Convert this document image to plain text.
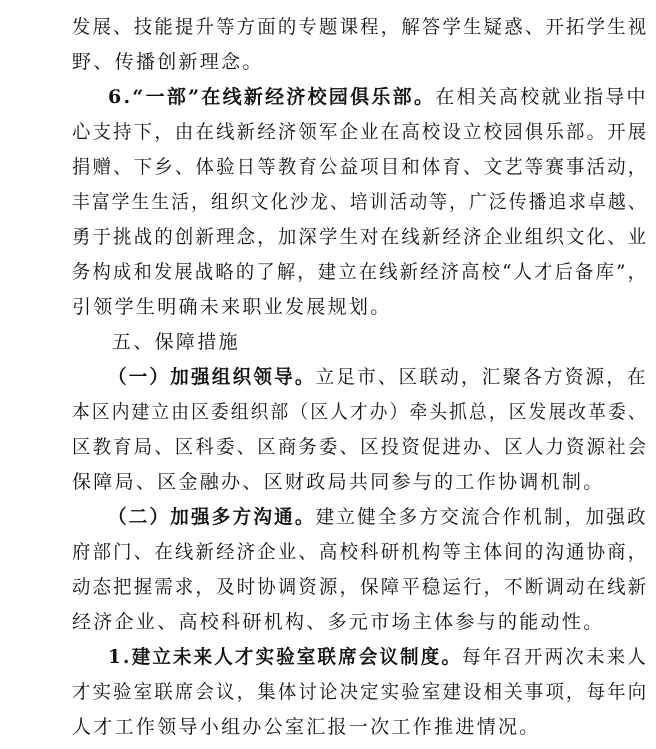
发展、技能提升等方面的专题课程，解答学生疑惑、开拓学生视
野、传播创新理念。
6.“一部”在线新经济校园俱乐部。在相关高校就业指导中
心支持下，由在线新经济领军企业在高校设立校园俱乐部。开展
捐赠、下乡、体验日等教育公益项目和体育、文艺等赛事活动，
丰富学生生活，组织文化沙龙、培训活动等，广泛传播追求卓越、
勇于挑战的创新理念，加深学生对在线新经济企业组织文化、业
务构成和发展战略的了解，建立在线新经济高校“人才后备库”，
引领学生明确未来职业发展规划。
五、保障措施
（一）加强组织领导。立足市、区联动，汇聚各方资源，在
本区内建立由区委组织部（区人才办）牵头抓总，区发展改革委、
区教育局、区科委、区商务委、区投资促进办、区人力资源社会
保障局、区金融办、区财政局共同参与的工作协调机制。
（二）加强多方沟通。建立健全多方交流合作机制，加强政
府部门、在线新经济企业、高校科研机构等主体间的沟通协商，
动态把握需求，及时协调资源，保障平稳运行，不断调动在线新
经济企业、高校科研机构、多元市场主体参与的能动性。
1.建立未来人才实验室联席会议制度。每年召开两次未来人
才实验室联席会议，集体讨论决定实验室建设相关事项，每年向
人才工作领导小组办公室汇报一次工作推进情况。
